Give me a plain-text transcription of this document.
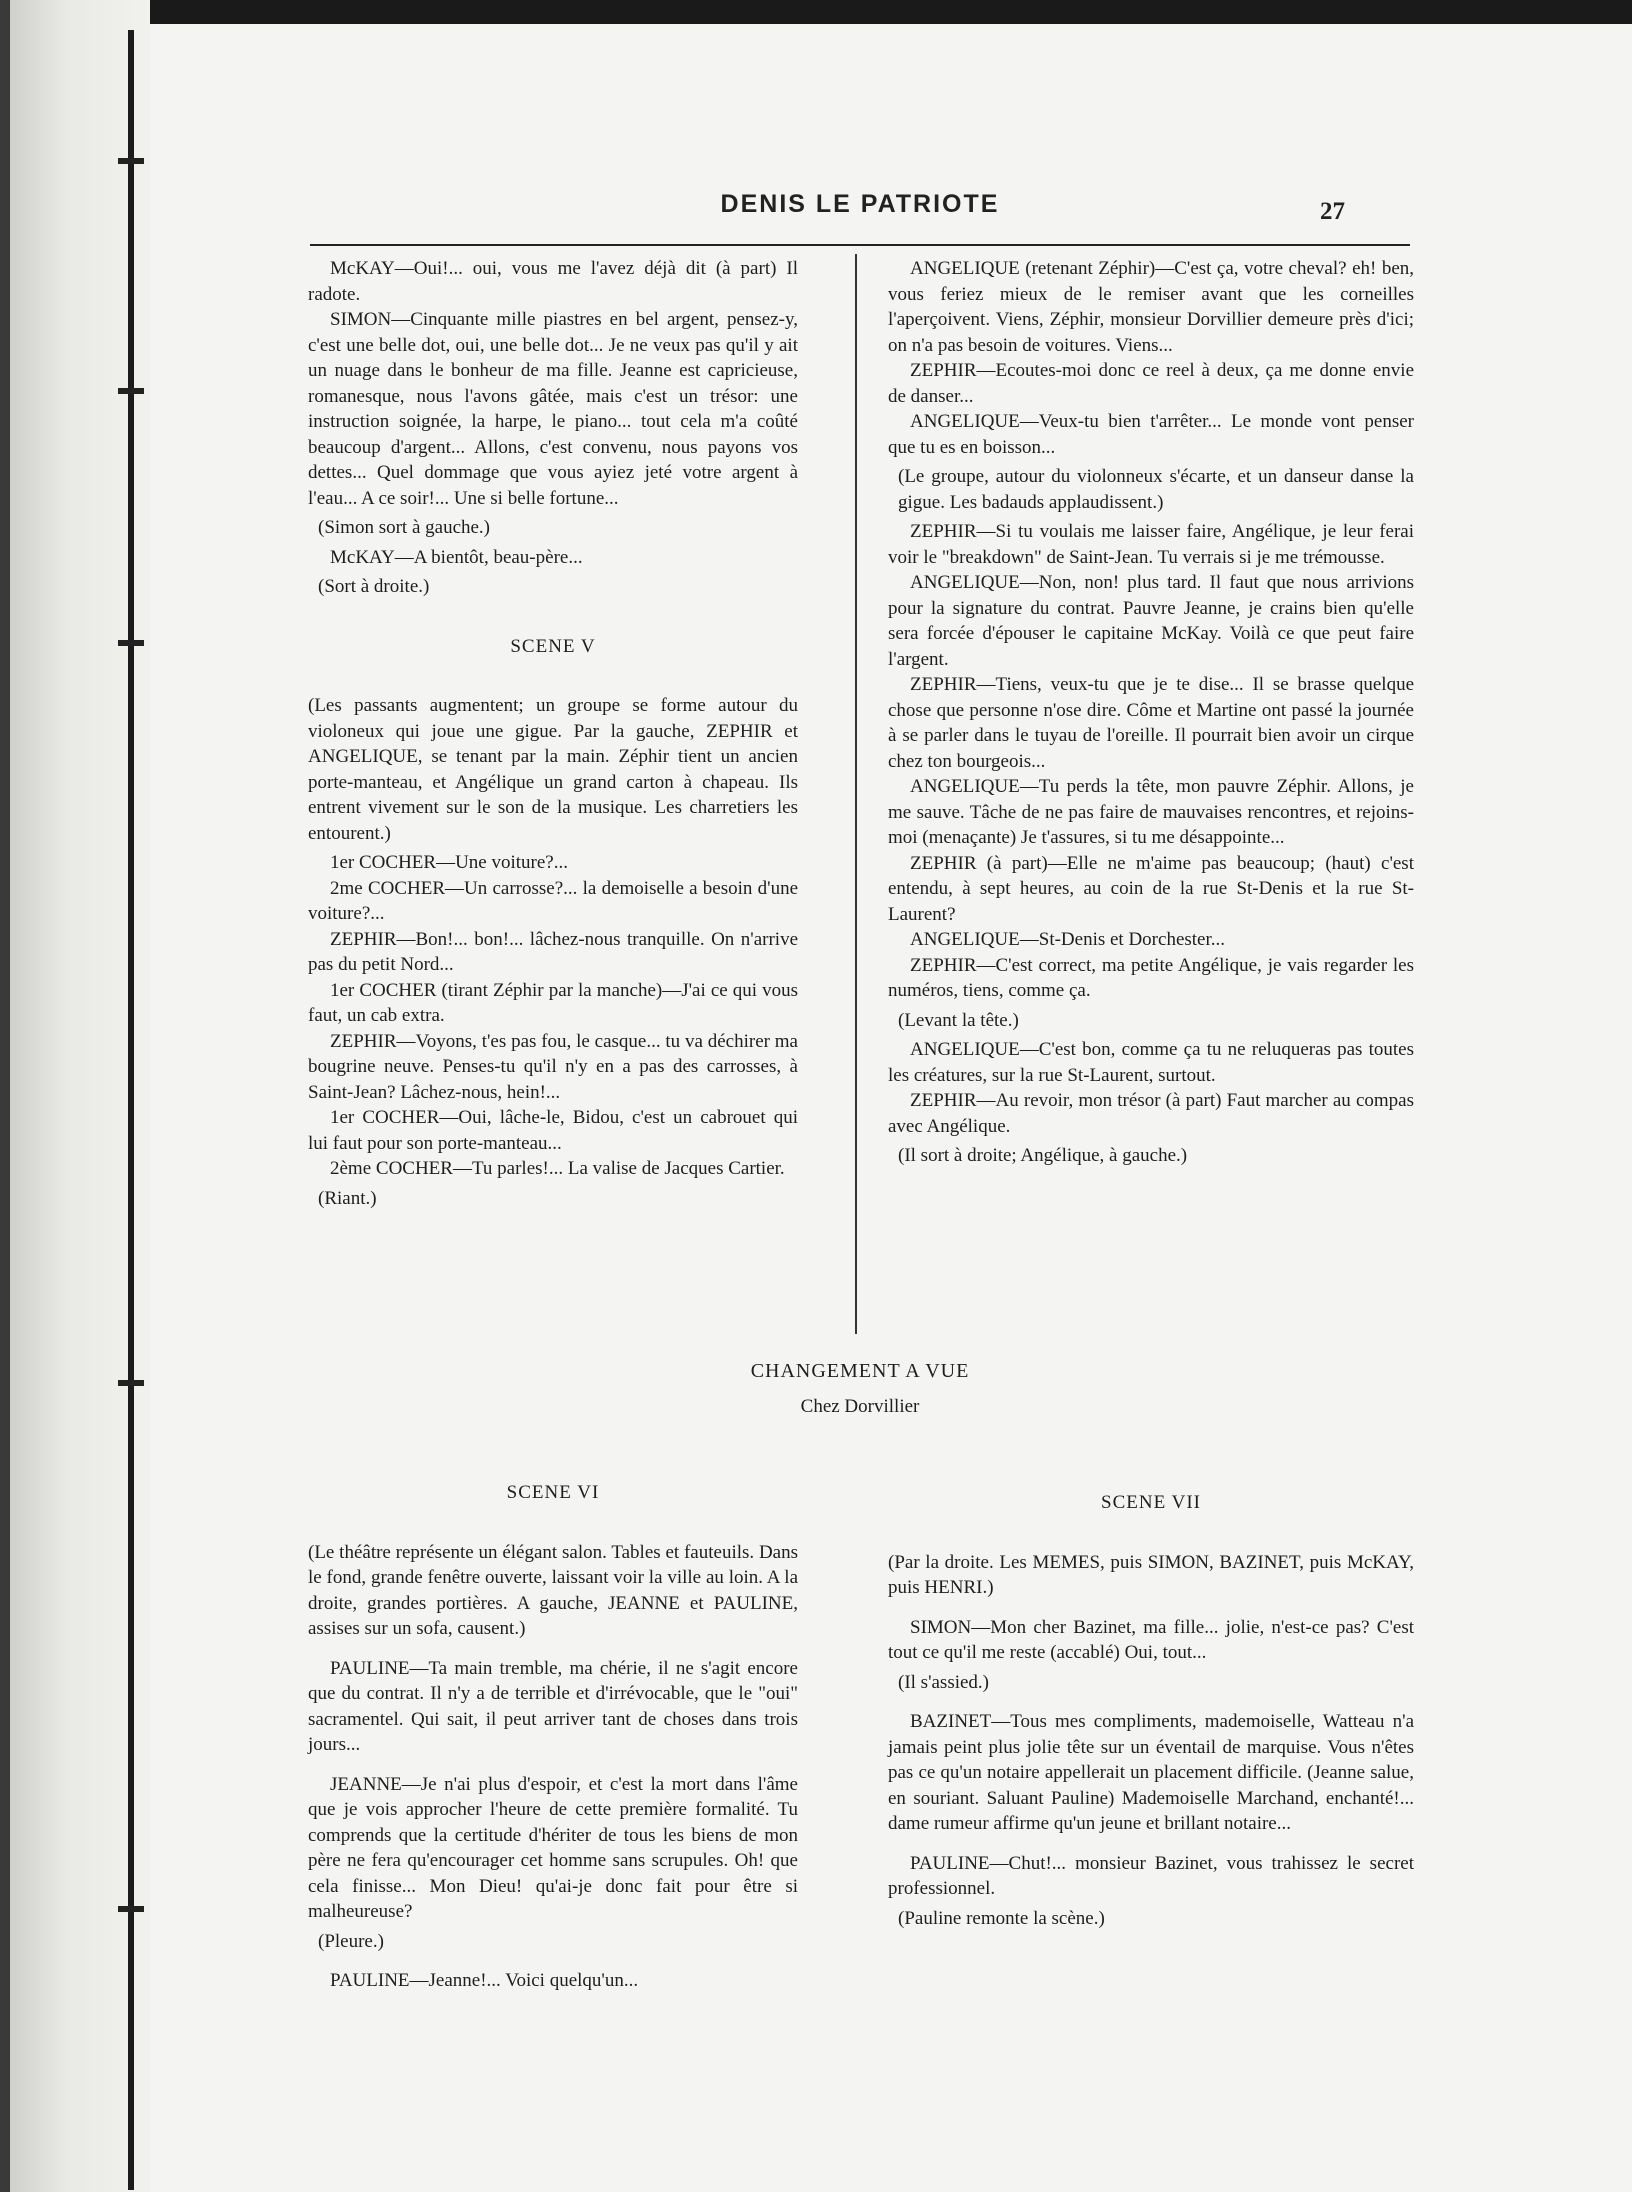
DENIS LE PATRIOTE	27

McKAY—Oui!... oui, vous me l'avez déjà dit (à part) Il radote.

SIMON—Cinquante mille piastres en bel argent, pensez-y, c'est une belle dot, oui, une belle dot... Je ne veux pas qu'il y ait un nuage dans le bonheur de ma fille. Jeanne est capricieuse, romanesque, nous l'avons gâtée, mais c'est un trésor: une instruction soignée, la harpe, le piano... tout cela m'a coûté beaucoup d'argent... Allons, c'est convenu, nous payons vos dettes... Quel dommage que vous ayiez jeté votre argent à l'eau... A ce soir!... Une si belle fortune...

(Simon sort à gauche.)

McKAY—A bientôt, beau-père...

(Sort à droite.)

SCENE V

(Les passants augmentent; un groupe se forme autour du violoneux qui joue une gigue. Par la gauche, ZEPHIR et ANGELIQUE, se tenant par la main. Zéphir tient un ancien porte-manteau, et Angélique un grand carton à chapeau. Ils entrent vivement sur le son de la musique. Les charretiers les entourent.)

1er COCHER—Une voiture?...

2me COCHER—Un carrosse?... la demoiselle a besoin d'une voiture?...

ZEPHIR—Bon!... bon!... lâchez-nous tranquille. On n'arrive pas du petit Nord...

1er COCHER (tirant Zéphir par la manche)—J'ai ce qui vous faut, un cab extra.

ZEPHIR—Voyons, t'es pas fou, le casque... tu va déchirer ma bougrine neuve. Penses-tu qu'il n'y en a pas des carrosses, à Saint-Jean? Lâchez-nous, hein!...

1er COCHER—Oui, lâche-le, Bidou, c'est un cabrouet qui lui faut pour son porte-manteau...

2ème COCHER—Tu parles!... La valise de Jacques Cartier.

(Riant.)

ANGELIQUE (retenant Zéphir)—C'est ça, votre cheval? eh! ben, vous feriez mieux de le remiser avant que les corneilles l'aperçoivent. Viens, Zéphir, monsieur Dorvillier demeure près d'ici; on n'a pas besoin de voitures. Viens...

ZEPHIR—Ecoutes-moi donc ce reel à deux, ça me donne envie de danser...

ANGELIQUE—Veux-tu bien t'arrêter... Le monde vont penser que tu es en boisson...

(Le groupe, autour du violonneux s'écarte, et un danseur danse la gigue. Les badauds applaudissent.)

ZEPHIR—Si tu voulais me laisser faire, Angélique, je leur ferai voir le "breakdown" de Saint-Jean. Tu verrais si je me trémousse.

ANGELIQUE—Non, non! plus tard. Il faut que nous arrivions pour la signature du contrat. Pauvre Jeanne, je crains bien qu'elle sera forcée d'épouser le capitaine McKay. Voilà ce que peut faire l'argent.

ZEPHIR—Tiens, veux-tu que je te dise... Il se brasse quelque chose que personne n'ose dire. Côme et Martine ont passé la journée à se parler dans le tuyau de l'oreille. Il pourrait bien avoir un cirque chez ton bourgeois...

ANGELIQUE—Tu perds la tête, mon pauvre Zéphir. Allons, je me sauve. Tâche de ne pas faire de mauvaises rencontres, et rejoins-moi (menaçante) Je t'assures, si tu me désappointe...

ZEPHIR (à part)—Elle ne m'aime pas beaucoup; (haut) c'est entendu, à sept heures, au coin de la rue St-Denis et la rue St-Laurent?

ANGELIQUE—St-Denis et Dorchester...

ZEPHIR—C'est correct, ma petite Angélique, je vais regarder les numéros, tiens, comme ça.

(Levant la tête.)

ANGELIQUE—C'est bon, comme ça tu ne reluqueras pas toutes les créatures, sur la rue St-Laurent, surtout.

ZEPHIR—Au revoir, mon trésor (à part) Faut marcher au compas avec Angélique.

(Il sort à droite; Angélique, à gauche.)

CHANGEMENT A VUE
Chez Dorvillier

SCENE VI

(Le théâtre représente un élégant salon. Tables et fauteuils. Dans le fond, grande fenêtre ouverte, laissant voir la ville au loin. A la droite, grandes portières. A gauche, JEANNE et PAULINE, assises sur un sofa, causent.)

PAULINE—Ta main tremble, ma chérie, il ne s'agit encore que du contrat. Il n'y a de terrible et d'irrévocable, que le "oui" sacramentel. Qui sait, il peut arriver tant de choses dans trois jours...

JEANNE—Je n'ai plus d'espoir, et c'est la mort dans l'âme que je vois approcher l'heure de cette première formalité. Tu comprends que la certitude d'hériter de tous les biens de mon père ne fera qu'encourager cet homme sans scrupules. Oh! que cela finisse... Mon Dieu! qu'ai-je donc fait pour être si malheureuse?

(Pleure.)

PAULINE—Jeanne!... Voici quelqu'un...

SCENE VII

(Par la droite. Les MEMES, puis SIMON, BAZINET, puis McKAY, puis HENRI.)

SIMON—Mon cher Bazinet, ma fille... jolie, n'est-ce pas? C'est tout ce qu'il me reste (accablé) Oui, tout...

(Il s'assied.)

BAZINET—Tous mes compliments, mademoiselle, Watteau n'a jamais peint plus jolie tête sur un éventail de marquise. Vous n'êtes pas ce qu'un notaire appellerait un placement difficile. (Jeanne salue, en souriant. Saluant Pauline) Mademoiselle Marchand, enchanté!... dame rumeur affirme qu'un jeune et brillant notaire...

PAULINE—Chut!... monsieur Bazinet, vous trahissez le secret professionnel.

(Pauline remonte la scène.)
